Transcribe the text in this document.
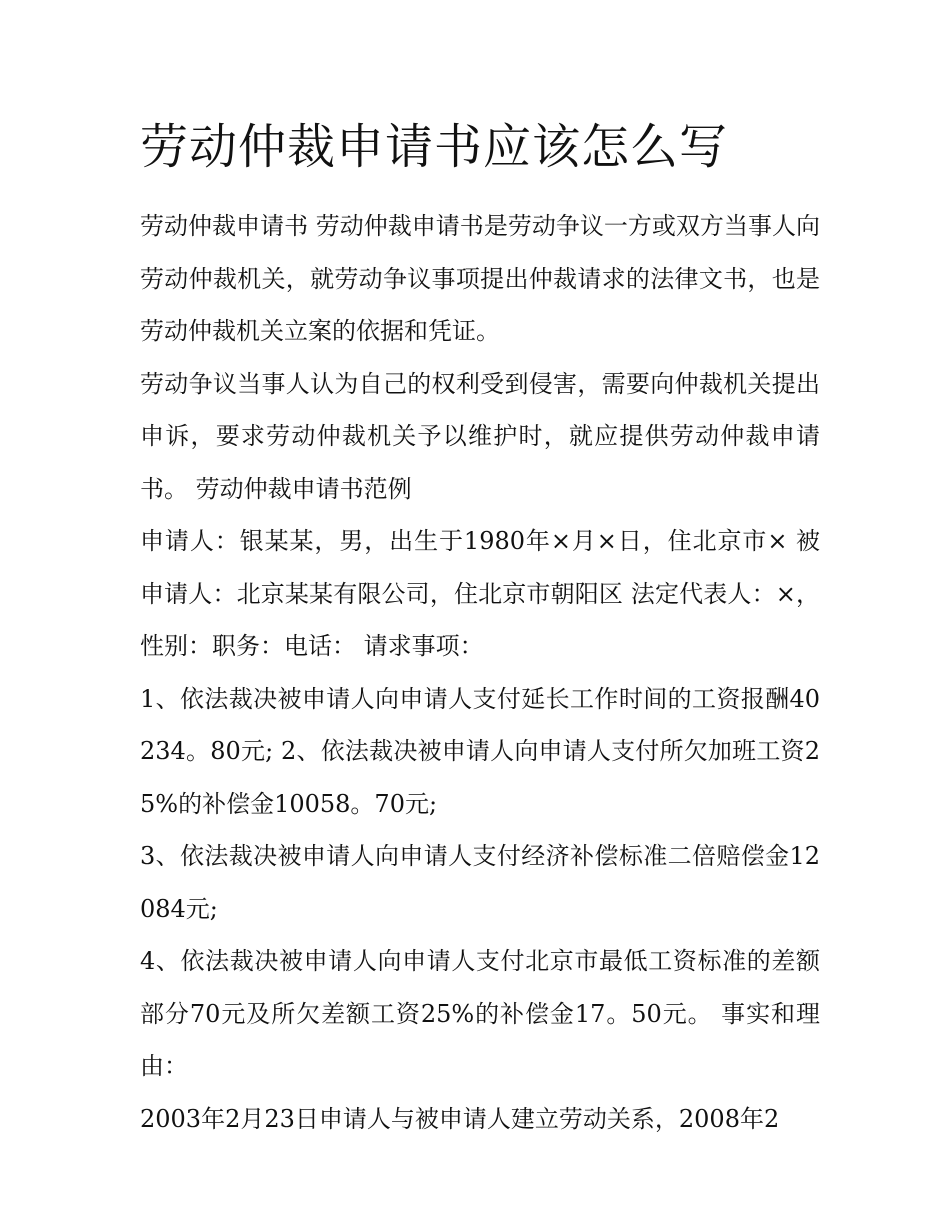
劳动仲裁申请书应该怎么写

劳动仲裁申请书 劳动仲裁申请书是劳动争议一方或双方当事人向劳动仲裁机关，就劳动争议事项提出仲裁请求的法律文书，也是劳动仲裁机关立案的依据和凭证。

劳动争议当事人认为自己的权利受到侵害，需要向仲裁机关提出申诉，要求劳动仲裁机关予以维护时，就应提供劳动仲裁申请书。 劳动仲裁申请书范例

申请人：银某某，男，出生于1980年×月×日，住北京市× 被申请人：北京某某有限公司，住北京市朝阳区 法定代表人：×，性别：职务：电话： 请求事项：

1、依法裁决被申请人向申请人支付延长工作时间的工资报酬40234。80元; 2、依法裁决被申请人向申请人支付所欠加班工资25%的补偿金10058。70元;

3、依法裁决被申请人向申请人支付经济补偿标准二倍赔偿金12084元;

4、依法裁决被申请人向申请人支付北京市最低工资标准的差额部分70元及所欠差额工资25%的补偿金17。50元。 事实和理由：

2003年2月23日申请人与被申请人建立劳动关系，2008年2
